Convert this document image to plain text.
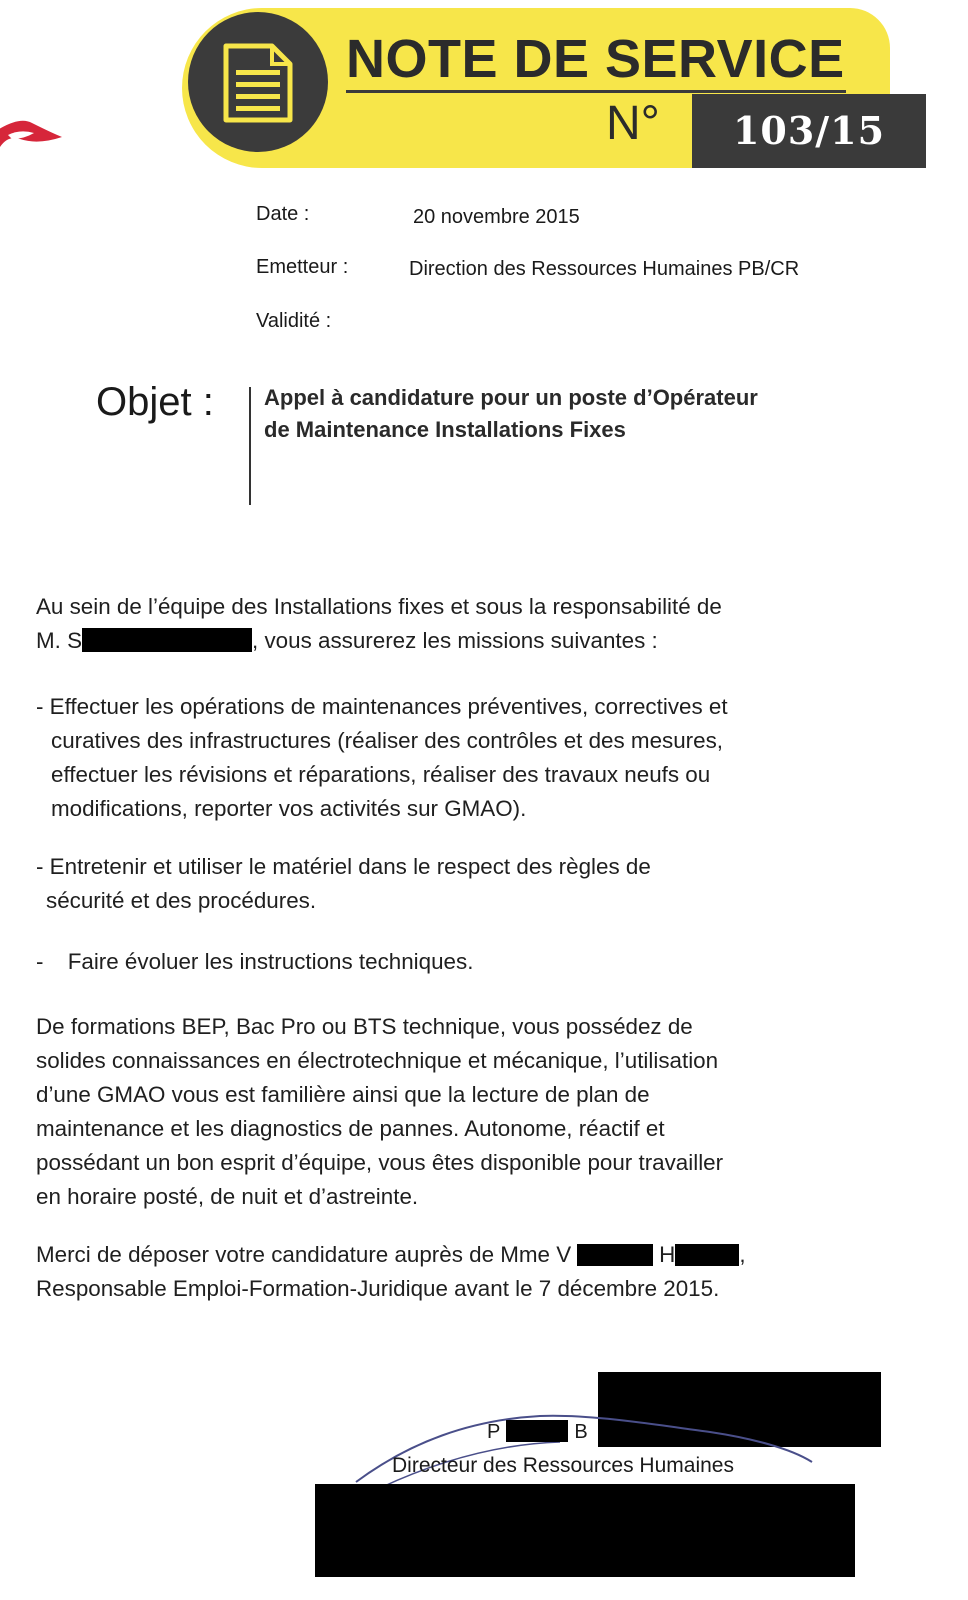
NOTE DE SERVICE
N°	103/15
Date :	20 novembre 2015
Emetteur :	Direction des Ressources Humaines PB/CR
Validité :
Objet : Appel à candidature pour un poste d’Opérateur
de Maintenance Installations Fixes
Au sein de l’équipe des Installations fixes et sous la responsabilité de
M. S	, vous assurerez les missions suivantes :
- Effectuer les opérations de maintenances préventives, correctives et
curatives des infrastructures (réaliser des contrôles et des mesures,
effectuer les révisions et réparations, réaliser des travaux neufs ou
modifications, reporter vos activités sur GMAO).
- Entretenir et utiliser le matériel dans le respect des règles de
sécurité et des procédures.
- Faire évoluer les instructions techniques.
De formations BEP, Bac Pro ou BTS technique, vous possédez de
solides connaissances en électrotechnique et mécanique, l’utilisation
d’une GMAO vous est familière ainsi que la lecture de plan de
maintenance et les diagnostics de pannes. Autonome, réactif et
possédant un bon esprit d’équipe, vous êtes disponible pour travailler
en horaire posté, de nuit et d’astreinte.
Merci de déposer votre candidature auprès de Mme V	H	,
Responsable Emploi-Formation-Juridique avant le 7 décembre 2015.
P	B
Directeur des Ressources Humaines
